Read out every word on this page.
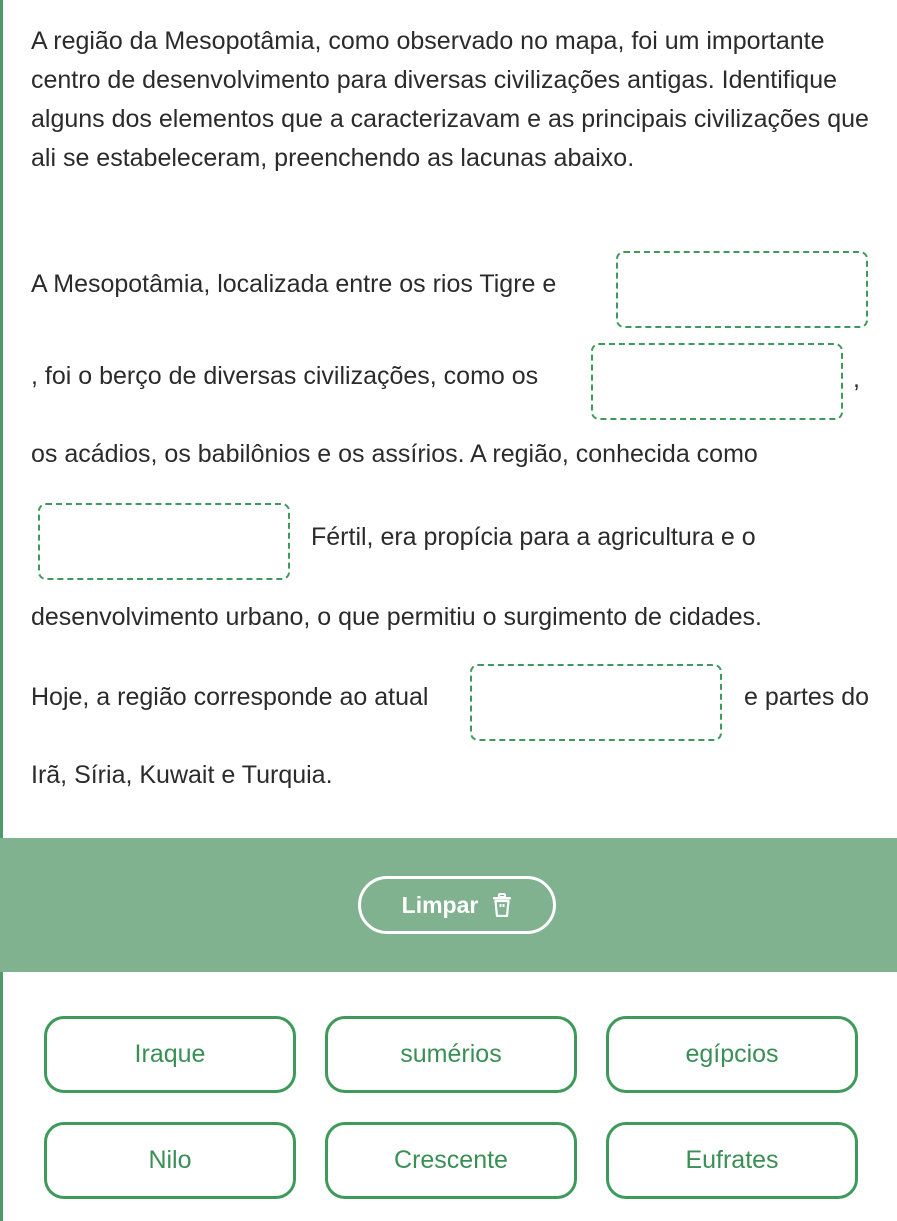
A região da Mesopotâmia, como observado no mapa, foi um importante centro de desenvolvimento para diversas civilizações antigas. Identifique alguns dos elementos que a caracterizavam e as principais civilizações que ali se estabeleceram, preenchendo as lacunas abaixo.

A Mesopotâmia, localizada entre os rios Tigre e
, foi o berço de diversas civilizações, como os	,
os acádios, os babilônios e os assírios. A região, conhecida como
Fértil, era propícia para a agricultura e o
desenvolvimento urbano, o que permitiu o surgimento de cidades.
Hoje, a região corresponde ao atual	e partes do
Irã, Síria, Kuwait e Turquia.
Limpar
Iraque	sumérios	egípcios
Nilo	Crescente	Eufrates
